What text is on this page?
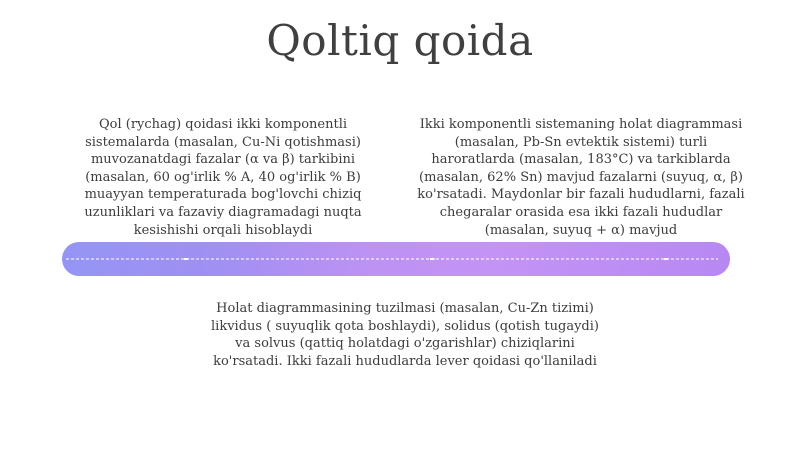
Qoltiq qoida
Qol (rychag) qoidasi ikki komponentli sistemalarda (masalan, Cu-Ni qotishmasi) muvozanatdagi fazalar (α va β) tarkibini (masalan, 60 og'irlik % A, 40 og'irlik % B) muayyan temperaturada bog'lovchi chiziq uzunliklari va fazaviy diagramadagi nuqta kesishishi orqali hisoblaydi
Ikki komponentli sistemaning holat diagrammasi (masalan, Pb-Sn evtektik sistemi) turli haroratlarda (masalan, 183°C) va tarkiblarda (masalan, 62% Sn) mavjud fazalarni (suyuq, α, β) ko'rsatadi. Maydonlar bir fazali hududlarni, fazali chegaralar orasida esa ikki fazali hududlar (masalan, suyuq + α) mavjud
Holat diagrammasining tuzilmasi (masalan, Cu-Zn tizimi) likvidus ( suyuqlik qota boshlaydi), solidus (qotish tugaydi) va solvus (qattiq holatdagi o'zgarishlar) chiziqlarini ko'rsatadi. Ikki fazali hududlarda lever qoidasi qo'llaniladi
